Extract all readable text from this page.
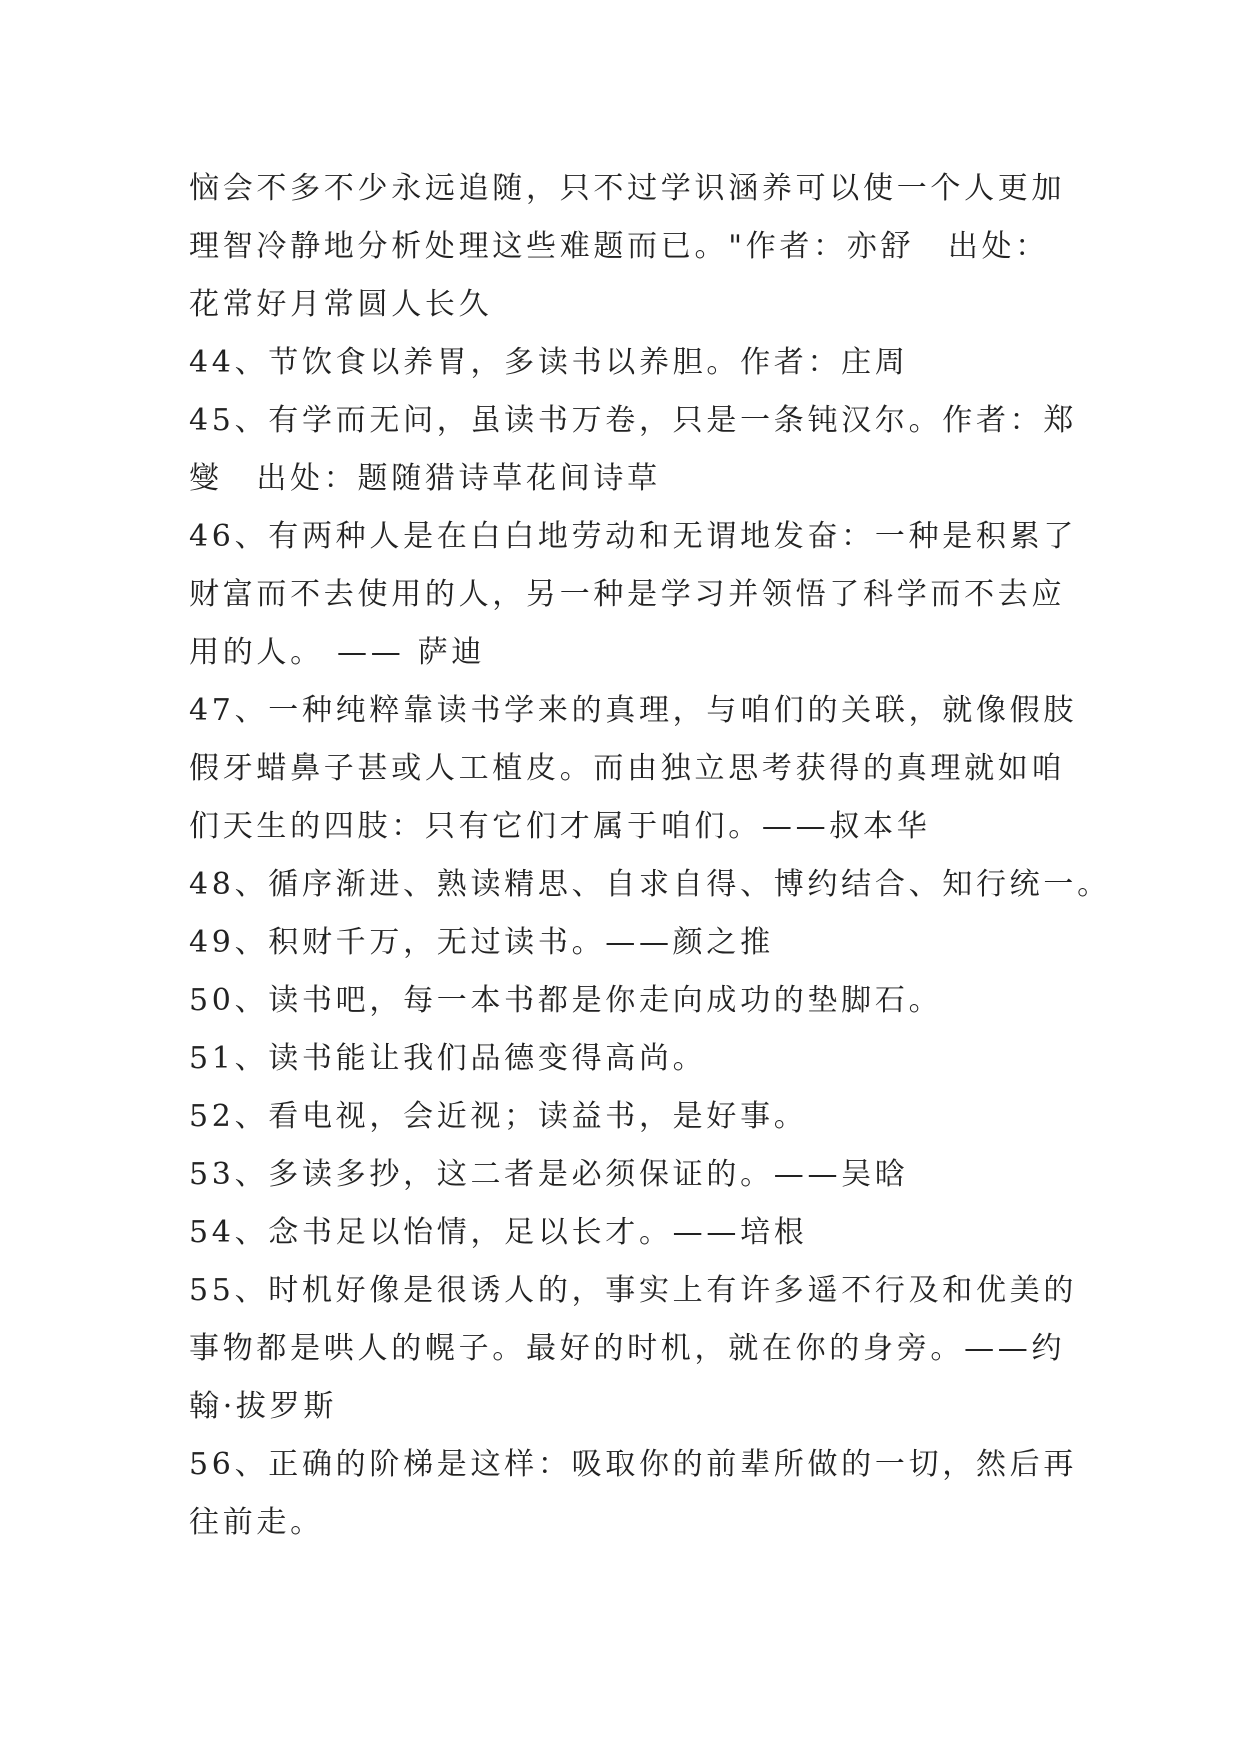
恼会不多不少永远追随，只不过学识涵养可以使一个人更加
理智冷静地分析处理这些难题而已。"作者：亦舒　出处：
花常好月常圆人长久
44、节饮食以养胃，多读书以养胆。作者：庄周
45、有学而无问，虽读书万卷，只是一条钝汉尔。作者：郑
燮　出处：题随猎诗草花间诗草
46、有两种人是在白白地劳动和无谓地发奋：一种是积累了
财富而不去使用的人，另一种是学习并领悟了科学而不去应
用的人。 —— 萨迪
47、一种纯粹靠读书学来的真理，与咱们的关联，就像假肢
假牙蜡鼻子甚或人工植皮。而由独立思考获得的真理就如咱
们天生的四肢：只有它们才属于咱们。——叔本华
48、循序渐进、熟读精思、自求自得、博约结合、知行统一。
49、积财千万，无过读书。——颜之推
50、读书吧，每一本书都是你走向成功的垫脚石。
51、读书能让我们品德变得高尚。
52、看电视，会近视；读益书，是好事。
53、多读多抄，这二者是必须保证的。——吴晗
54、念书足以怡情，足以长才。——培根
55、时机好像是很诱人的，事实上有许多遥不行及和优美的
事物都是哄人的幌子。最好的时机，就在你的身旁。——约
翰·拔罗斯
56、正确的阶梯是这样：吸取你的前辈所做的一切，然后再
往前走。
